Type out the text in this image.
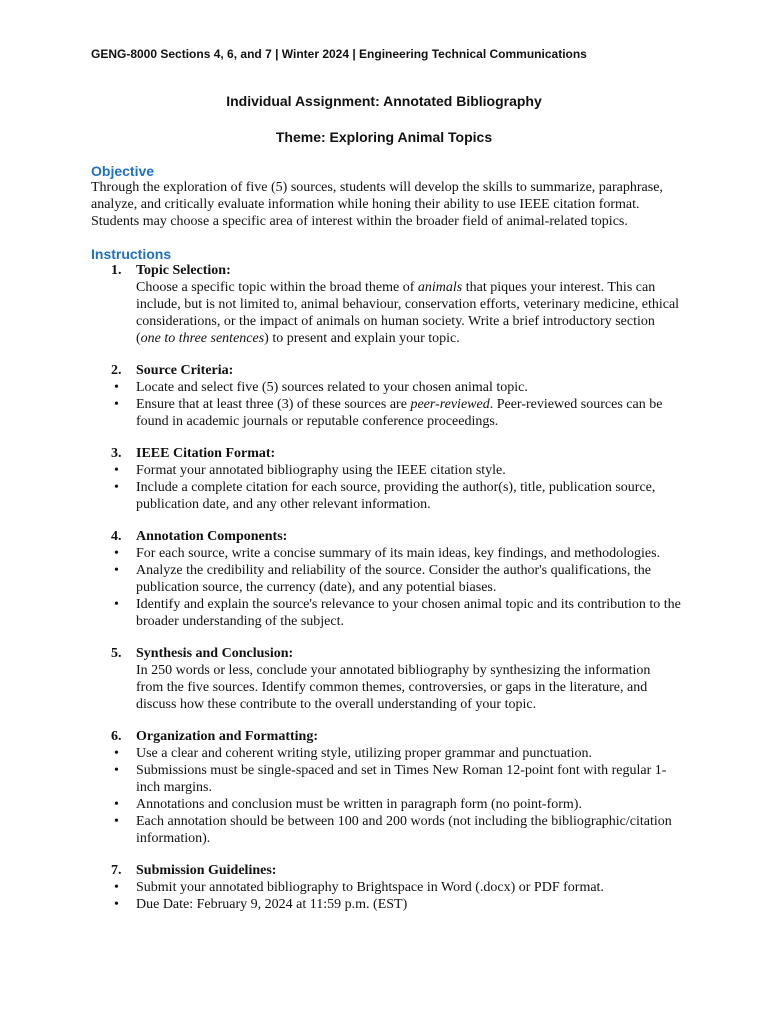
GENG-8000 Sections 4, 6, and 7 | Winter 2024 | Engineering Technical Communications
Individual Assignment: Annotated Bibliography
Theme: Exploring Animal Topics
Objective
Through the exploration of five (5) sources, students will develop the skills to summarize, paraphrase, analyze, and critically evaluate information while honing their ability to use IEEE citation format. Students may choose a specific area of interest within the broader field of animal-related topics.
Instructions
1. Topic Selection:
Choose a specific topic within the broad theme of animals that piques your interest. This can include, but is not limited to, animal behaviour, conservation efforts, veterinary medicine, ethical considerations, or the impact of animals on human society. Write a brief introductory section (one to three sentences) to present and explain your topic.
2. Source Criteria:
• Locate and select five (5) sources related to your chosen animal topic.
• Ensure that at least three (3) of these sources are peer-reviewed. Peer-reviewed sources can be found in academic journals or reputable conference proceedings.
3. IEEE Citation Format:
• Format your annotated bibliography using the IEEE citation style.
• Include a complete citation for each source, providing the author(s), title, publication source, publication date, and any other relevant information.
4. Annotation Components:
• For each source, write a concise summary of its main ideas, key findings, and methodologies.
• Analyze the credibility and reliability of the source. Consider the author's qualifications, the publication source, the currency (date), and any potential biases.
• Identify and explain the source's relevance to your chosen animal topic and its contribution to the broader understanding of the subject.
5. Synthesis and Conclusion:
In 250 words or less, conclude your annotated bibliography by synthesizing the information from the five sources. Identify common themes, controversies, or gaps in the literature, and discuss how these contribute to the overall understanding of your topic.
6. Organization and Formatting:
• Use a clear and coherent writing style, utilizing proper grammar and punctuation.
• Submissions must be single-spaced and set in Times New Roman 12-point font with regular 1-inch margins.
• Annotations and conclusion must be written in paragraph form (no point-form).
• Each annotation should be between 100 and 200 words (not including the bibliographic/citation information).
7. Submission Guidelines:
• Submit your annotated bibliography to Brightspace in Word (.docx) or PDF format.
• Due Date: February 9, 2024 at 11:59 p.m. (EST)
